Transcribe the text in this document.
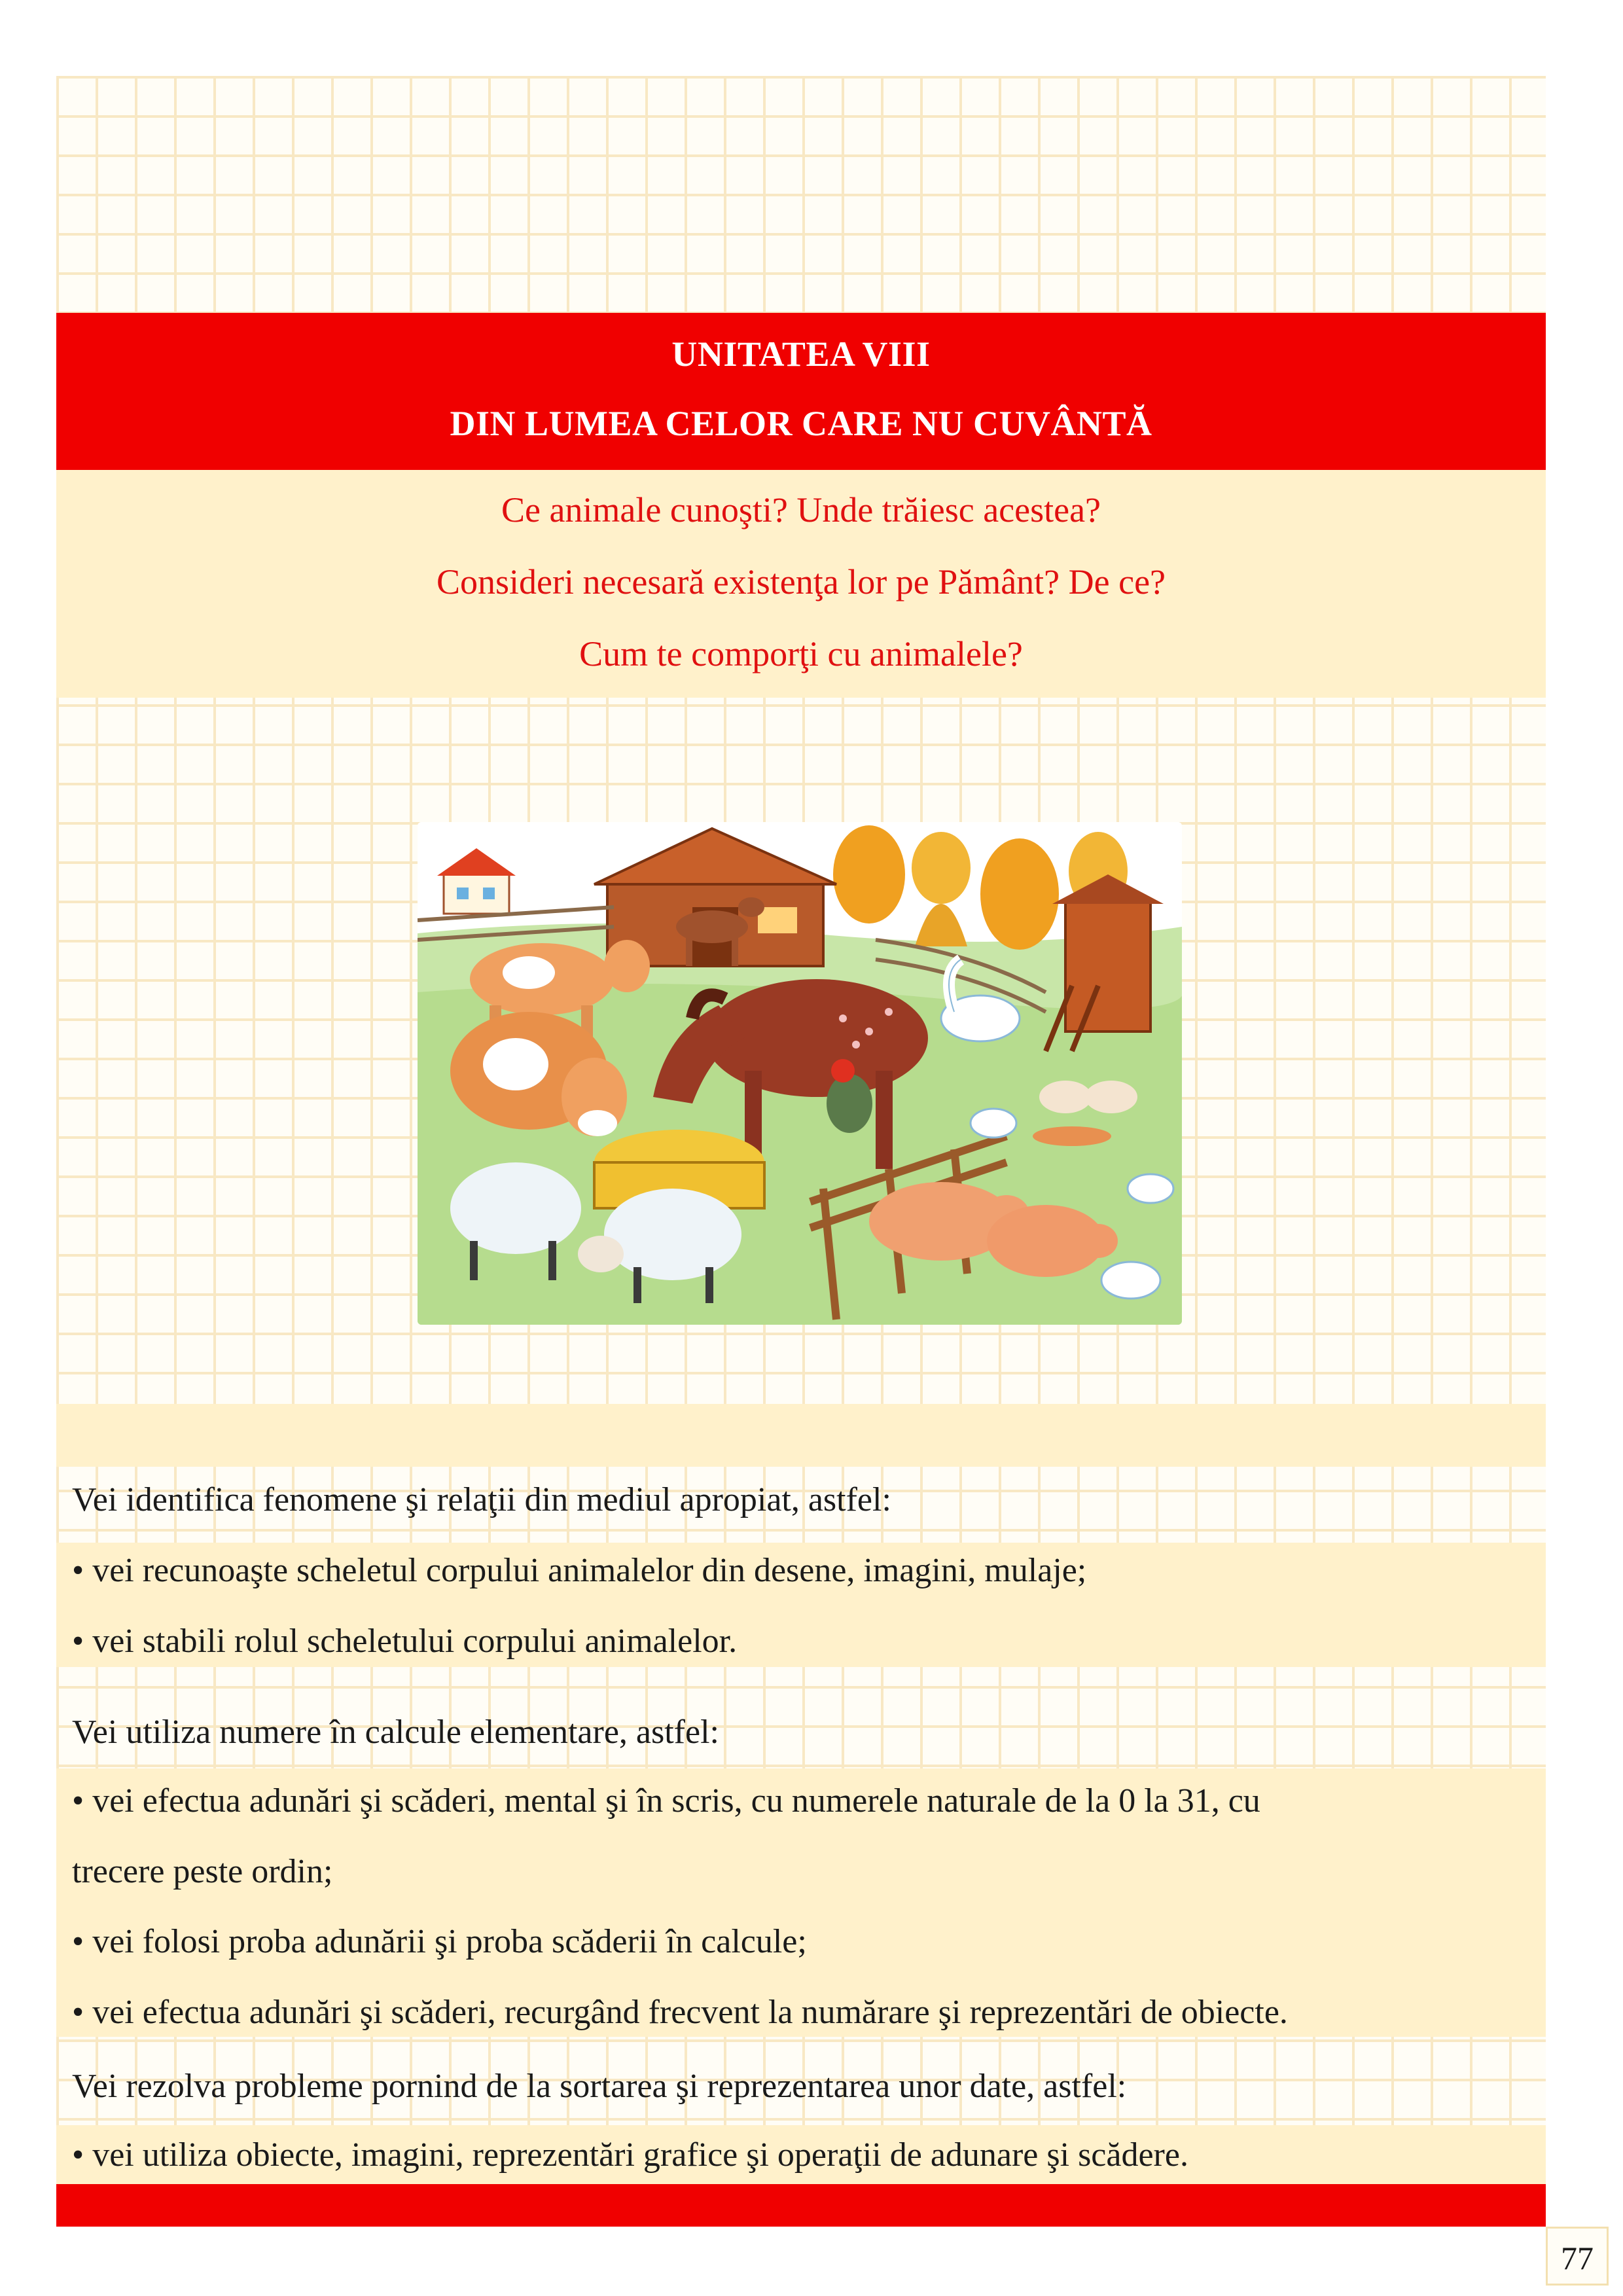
UNITATEA VIII
DIN LUMEA CELOR CARE NU CUVÂNTĂ
Ce animale cunoşti? Unde trăiesc acestea?
Consideri necesară existenţa lor pe Pământ? De ce?
Cum te comporţi cu animalele?
Vei identifica fenomene şi relaţii din mediul apropiat, astfel:
• vei recunoaşte scheletul corpului animalelor din desene, imagini, mulaje;
• vei stabili rolul scheletului corpului animalelor.
Vei utiliza numere în calcule elementare, astfel:
• vei efectua adunări şi scăderi, mental şi în scris, cu numerele naturale de la 0 la 31, cu
trecere peste ordin;
• vei folosi proba adunării şi proba scăderii în calcule;
• vei efectua adunări şi scăderi, recurgând frecvent la numărare şi reprezentări de obiecte.
Vei rezolva probleme pornind de la sortarea şi reprezentarea unor date, astfel:
• vei utiliza obiecte, imagini, reprezentări grafice şi operaţii de adunare şi scădere.
77
